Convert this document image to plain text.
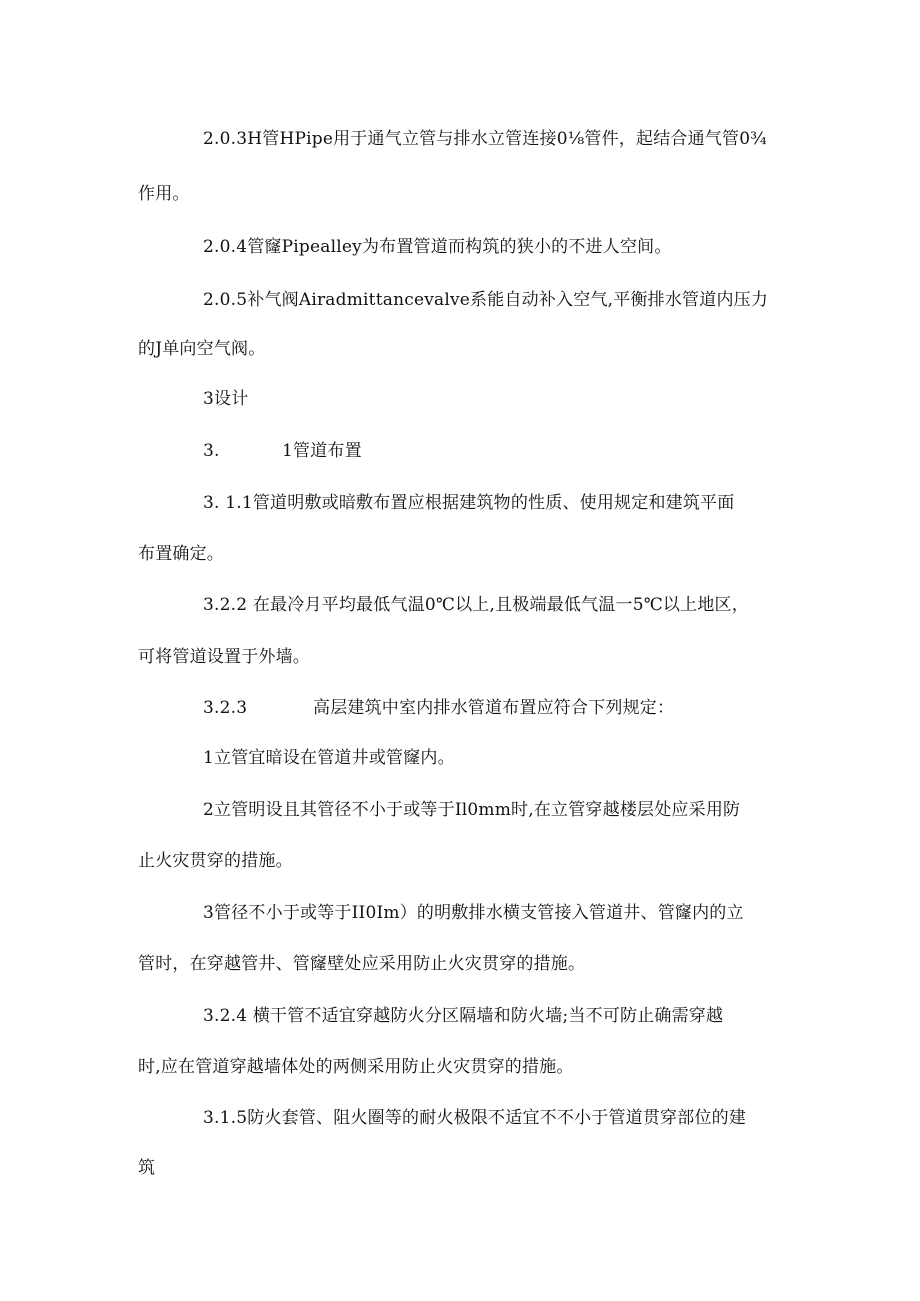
2.0.3H管HPipe用于通气立管与排水立管连接0⅛管件，起结合通气管0¾
作用。
2.0.4管窿Pipealley为布置管道而构筑的狭小的不进人空间。
2.0.5补气阀Airadmittancevalve系能自动补入空气,平衡排水管道内压力
的J单向空气阀。
3设计
3.	1管道布置
3. 1.1管道明敷或暗敷布置应根据建筑物的性质、使用规定和建筑平面
布置确定。
3.2.2 在最冷月平均最低气温0℃以上,且极端最低气温一5℃以上地区，
可将管道设置于外墙。
3.2.3	高层建筑中室内排水管道布置应符合下列规定：
1立管宜暗设在管道井或管窿内。
2立管明设且其管径不小于或等于Il0mm时,在立管穿越楼层处应采用防
止火灾贯穿的措施。
3管径不小于或等于II0Im）的明敷排水横支管接入管道井、管窿内的立
管时，在穿越管井、管窿壁处应采用防止火灾贯穿的措施。
3.2.4 横干管不适宜穿越防火分区隔墙和防火墙;当不可防止确需穿越
时,应在管道穿越墙体处的两侧采用防止火灾贯穿的措施。
3.1.5防火套管、阻火圈等的耐火极限不适宜不不小于管道贯穿部位的建
筑
